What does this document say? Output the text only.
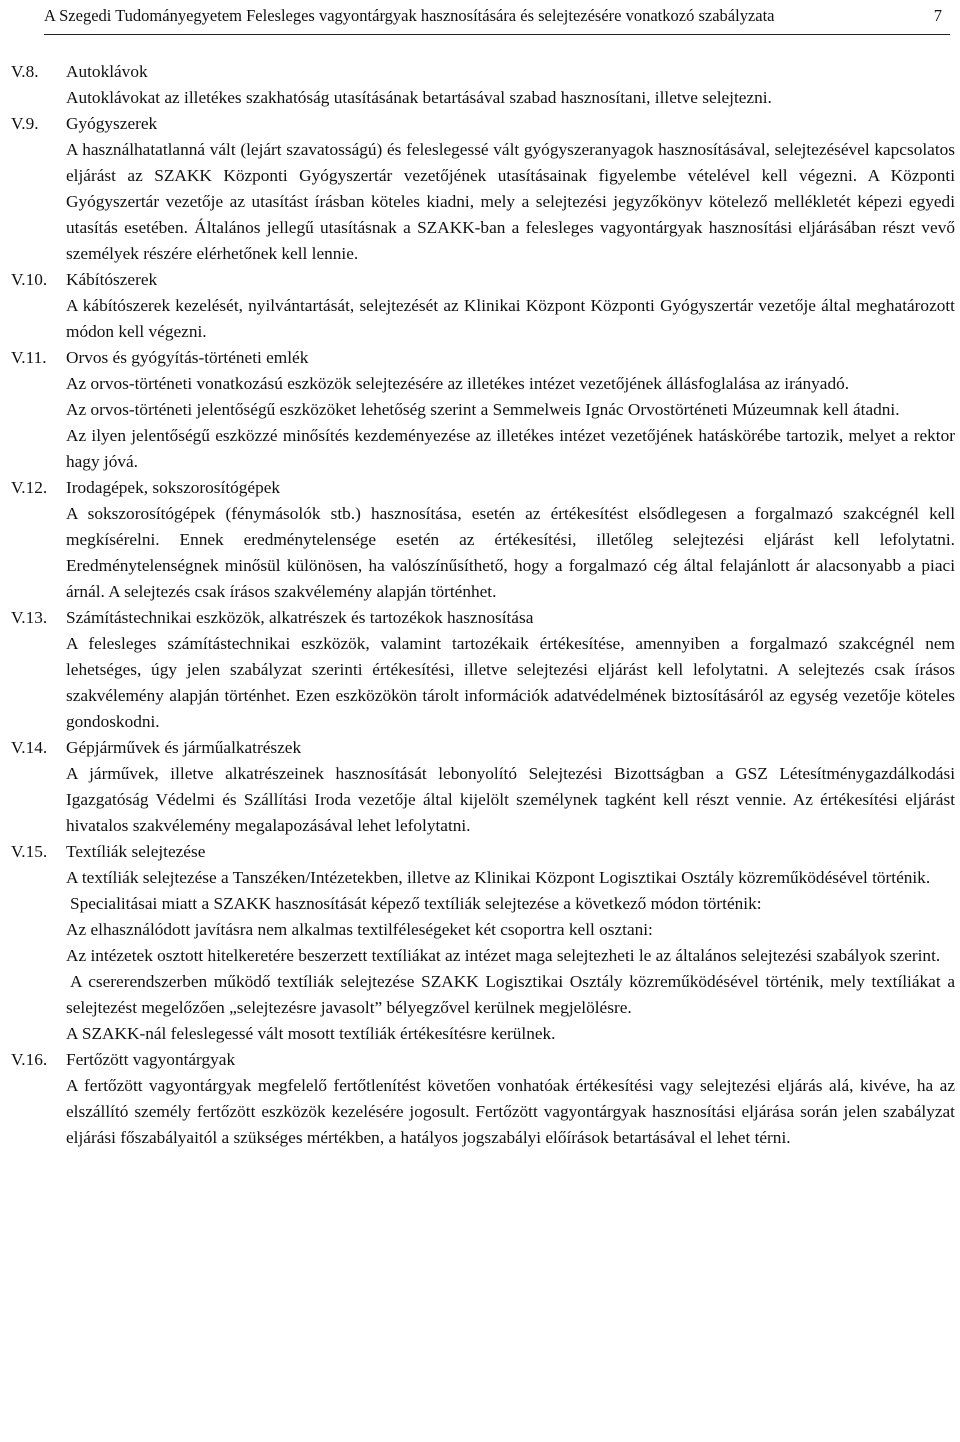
A Szegedi Tudományegyetem Felesleges vagyontárgyak hasznosítására és selejtezésére vonatkozó szabályzata	7
V.8.	Autoklávok
Autoklávokat az illetékes szakhatóság utasításának betartásával szabad hasznosítani, illetve selejtezni.
V.9.	Gyógyszerek
A használhatatlanná vált (lejárt szavatosságú) és feleslegessé vált gyógyszeranyagok hasznosításával, selejtezésével kapcsolatos eljárást az SZAKK Központi Gyógyszertár vezetőjének utasításainak figyelembe vételével kell végezni. A Központi Gyógyszertár vezetője az utasítást írásban köteles kiadni, mely a selejtezési jegyzőkönyv kötelező mellékletét képezi egyedi utasítás esetében. Általános jellegű utasításnak a SZAKK-ban a felesleges vagyontárgyak hasznosítási eljárásában részt vevő személyek részére elérhetőnek kell lennie.
V.10.	Kábítószerek
A kábítószerek kezelését, nyilvántartását, selejtezését az Klinikai Központ Központi Gyógyszertár vezetője által meghatározott módon kell végezni.
V.11.	Orvos és gyógyítás-történeti emlék
Az orvos-történeti vonatkozású eszközök selejtezésére az illetékes intézet vezetőjének állásfoglalása az irányadó.
Az orvos-történeti jelentőségű eszközöket lehetőség szerint a Semmelweis Ignác Orvostörténeti Múzeumnak kell átadni.
Az ilyen jelentőségű eszközzé minősítés kezdeményezése az illetékes intézet vezetőjének hatáskörébe tartozik, melyet a rektor hagy jóvá.
V.12.	Irodagépek, sokszorosítógépek
A sokszorosítógépek (fénymásolók stb.) hasznosítása, esetén az értékesítést elsődlegesen a forgalmazó szakcégnél kell megkísérelni. Ennek eredménytelensége esetén az értékesítési, illetőleg selejtezési eljárást kell lefolytatni. Eredménytelenségnek minősül különösen, ha valószínűsíthető, hogy a forgalmazó cég által felajánlott ár alacsonyabb a piaci árnál. A selejtezés csak írásos szakvélemény alapján történhet.
V.13.	Számítástechnikai eszközök, alkatrészek és tartozékok hasznosítása
A felesleges számítástechnikai eszközök, valamint tartozékaik értékesítése, amennyiben a forgalmazó szakcégnél nem lehetséges, úgy jelen szabályzat szerinti értékesítési, illetve selejtezési eljárást kell lefolytatni. A selejtezés csak írásos szakvélemény alapján történhet. Ezen eszközökön tárolt információk adatvédelmének biztosításáról az egység vezetője köteles gondoskodni.
V.14.	Gépjárművek és járműalkatrészek
A járművek, illetve alkatrészeinek hasznosítását lebonyolító Selejtezési Bizottságban a GSZ Létesítménygazdálkodási Igazgatóság Védelmi és Szállítási Iroda vezetője által kijelölt személynek tagként kell részt vennie. Az értékesítési eljárást hivatalos szakvélemény megalapozásával lehet lefolytatni.
V.15.	Textíliák selejtezése
A textíliák selejtezése a Tanszéken/Intézetekben, illetve az Klinikai Központ Logisztikai Osztály közreműködésével történik.
Specialitásai miatt a SZAKK hasznosítását képező textíliák selejtezése a következő módon történik:
Az elhasználódott javításra nem alkalmas textilféleségeket két csoportra kell osztani:
Az intézetek osztott hitelkeretére beszerzett textíliákat az intézet maga selejtezheti le az általános selejtezési szabályok szerint.
A csererendszerben működő textíliák selejtezése SZAKK Logisztikai Osztály közreműködésével történik, mely textíliákat a selejtezést megelőzően „selejtezésre javasolt” bélyegzővel kerülnek megjelölésre.
A SZAKK-nál feleslegessé vált mosott textíliák értékesítésre kerülnek.
V.16.	Fertőzött vagyontárgyak
A fertőzött vagyontárgyak megfelelő fertőtlenítést követően vonhatóak értékesítési vagy selejtezési eljárás alá, kivéve, ha az elszállító személy fertőzött eszközök kezelésére jogosult. Fertőzött vagyontárgyak hasznosítási eljárása során jelen szabályzat eljárási főszabályaitól a szükséges mértékben, a hatályos jogszabályi előírások betartásával el lehet térni.
